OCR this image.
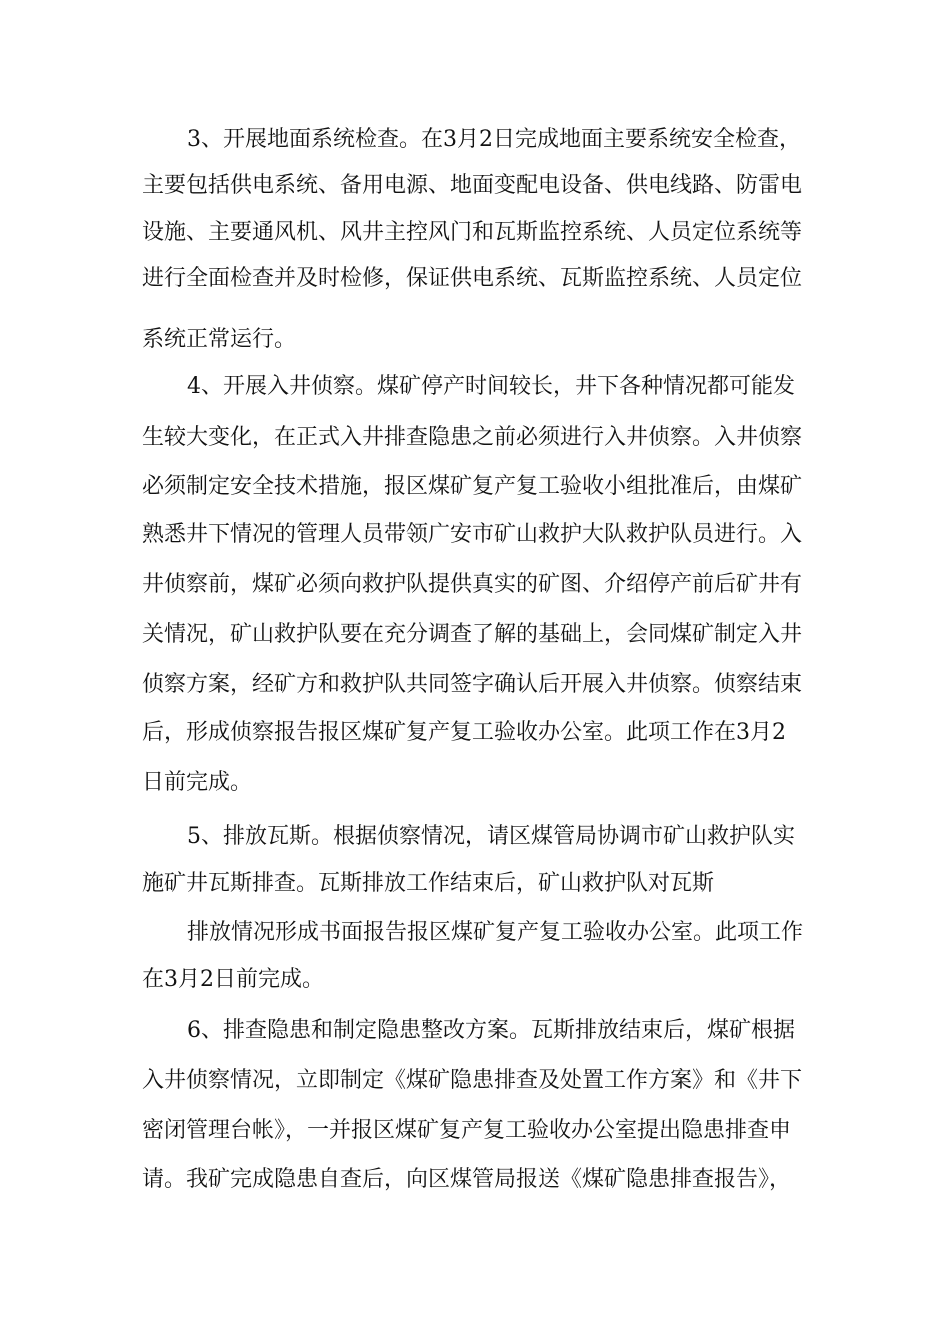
3、开展地面系统检查。在3月2日完成地面主要系统安全检查，
主要包括供电系统、备用电源、地面变配电设备、供电线路、防雷电
设施、主要通风机、风井主控风门和瓦斯监控系统、人员定位系统等
进行全面检查并及时检修，保证供电系统、瓦斯监控系统、人员定位
系统正常运行。
4、开展入井侦察。煤矿停产时间较长，井下各种情况都可能发
生较大变化，在正式入井排查隐患之前必须进行入井侦察。入井侦察
必须制定安全技术措施，报区煤矿复产复工验收小组批准后，由煤矿
熟悉井下情况的管理人员带领广安市矿山救护大队救护队员进行。入
井侦察前，煤矿必须向救护队提供真实的矿图、介绍停产前后矿井有
关情况，矿山救护队要在充分调查了解的基础上，会同煤矿制定入井
侦察方案，经矿方和救护队共同签字确认后开展入井侦察。侦察结束
后，形成侦察报告报区煤矿复产复工验收办公室。此项工作在3月2
日前完成。
5、排放瓦斯。根据侦察情况，请区煤管局协调市矿山救护队实
施矿井瓦斯排查。瓦斯排放工作结束后，矿山救护队对瓦斯
排放情况形成书面报告报区煤矿复产复工验收办公室。此项工作
在3月2日前完成。
6、排查隐患和制定隐患整改方案。瓦斯排放结束后，煤矿根据
入井侦察情况，立即制定《煤矿隐患排查及处置工作方案》和《井下
密闭管理台帐》，一并报区煤矿复产复工验收办公室提出隐患排查申
请。我矿完成隐患自查后，向区煤管局报送《煤矿隐患排查报告》，
